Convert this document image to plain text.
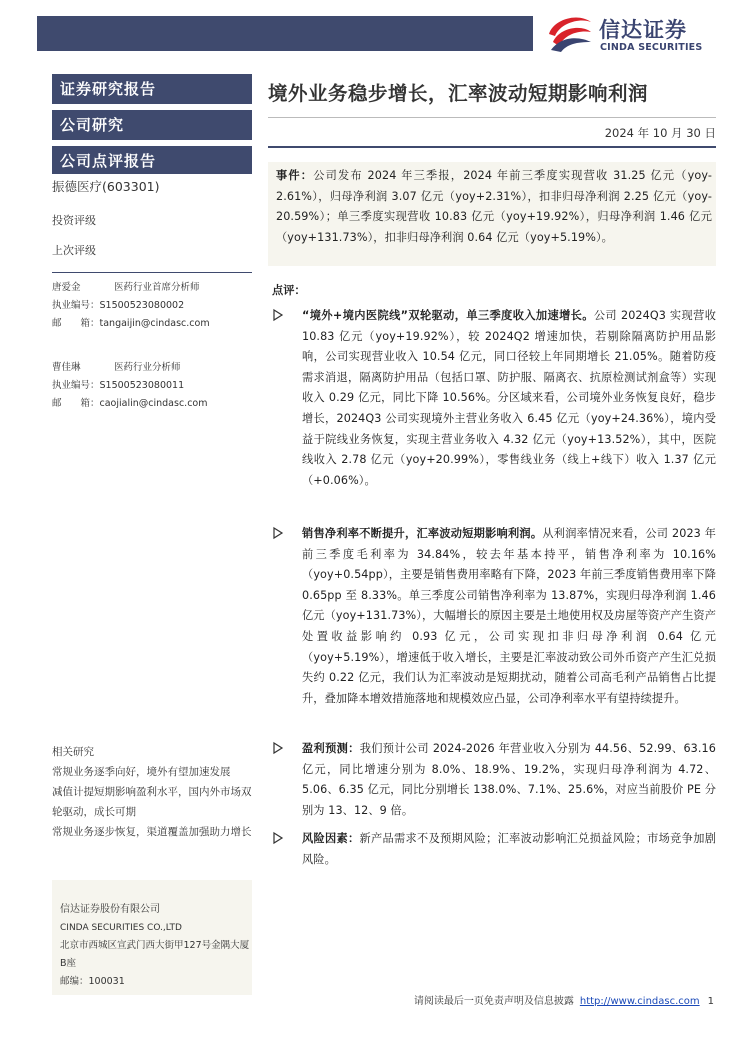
信达证券
CINDA SECURITIES
证券研究报告
公司研究
公司点评报告
振德医疗(603301)
投资评级
上次评级
唐爱金	医药行业首席分析师
执业编号：S1500523080002
邮　　箱：tangaijin@cindasc.com
曹佳琳	医药行业分析师
执业编号：S1500523080011
邮　　箱：caojialin@cindasc.com

相关研究

常规业务逐季向好，境外有望加速发展

减值计提短期影响盈利水平，国内外市场双轮驱动，成长可期

常规业务逐步恢复，渠道覆盖加强助力增长

信达证券股份有限公司

CINDA SECURITIES CO.,LTD

北京市西城区宣武门西大街甲127号金隅大厦B座

邮编：100031

境外业务稳步增长，汇率波动短期影响利润
2024 年 10 月 30 日
事件：公司发布 2024 年三季报，2024 年前三季度实现营收 31.25 亿元（yoy-2.61%），归母净利润 3.07 亿元（yoy+2.31%），扣非归母净利润 2.25 亿元（yoy-20.59%）；单三季度实现营收 10.83 亿元（yoy+19.92%），归母净利润 1.46 亿元（yoy+131.73%），扣非归母净利润 0.64 亿元（yoy+5.19%）。
点评：
“境外+境内医院线”双轮驱动，单三季度收入加速增长。公司 2024Q3 实现营收 10.83 亿元（yoy+19.92%），较 2024Q2 增速加快，若剔除隔离防护用品影响，公司实现营业收入 10.54 亿元，同口径较上年同期增长 21.05%。随着防疫需求消退，隔离防护用品（包括口罩、防护服、隔离衣、抗原检测试剂盒等）实现收入 0.29 亿元，同比下降 10.56%。分区域来看，公司境外业务恢复良好，稳步增长，2024Q3 公司实现境外主营业务收入 6.45 亿元（yoy+24.36%），境内受益于院线业务恢复，实现主营业务收入 4.32 亿元（yoy+13.52%），其中，医院线收入 2.78 亿元（yoy+20.99%），零售线业务（线上+线下）收入 1.37 亿元（+0.06%）。
销售净利率不断提升，汇率波动短期影响利润。从利润率情况来看，公司 2023 年前三季度毛利率为 34.84%，较去年基本持平，销售净利率为 10.16%（yoy+0.54pp），主要是销售费用率略有下降，2023 年前三季度销售费用率下降 0.65pp 至 8.33%。单三季度公司销售净利率为 13.87%，实现归母净利润 1.46 亿元（yoy+131.73%），大幅增长的原因主要是土地使用权及房屋等资产产生资产处置收益影响约 0.93 亿元，公司实现扣非归母净利润 0.64 亿元（yoy+5.19%），增速低于收入增长，主要是汇率波动致公司外币资产产生汇兑损失约 0.22 亿元，我们认为汇率波动是短期扰动，随着公司高毛利产品销售占比提升，叠加降本增效措施落地和规模效应凸显，公司净利率水平有望持续提升。
盈利预测：我们预计公司 2024-2026 年营业收入分别为 44.56、52.99、63.16 亿元，同比增速分别为 8.0%、18.9%、19.2%，实现归母净利润为 4.72、5.06、6.35 亿元，同比分别增长 138.0%、7.1%、25.6%，对应当前股价 PE 分别为 13、12、9 倍。
风险因素：新产品需求不及预期风险；汇率波动影响汇兑损益风险；市场竞争加剧风险。
请阅读最后一页免责声明及信息披露 http://www.cindasc.com 1
